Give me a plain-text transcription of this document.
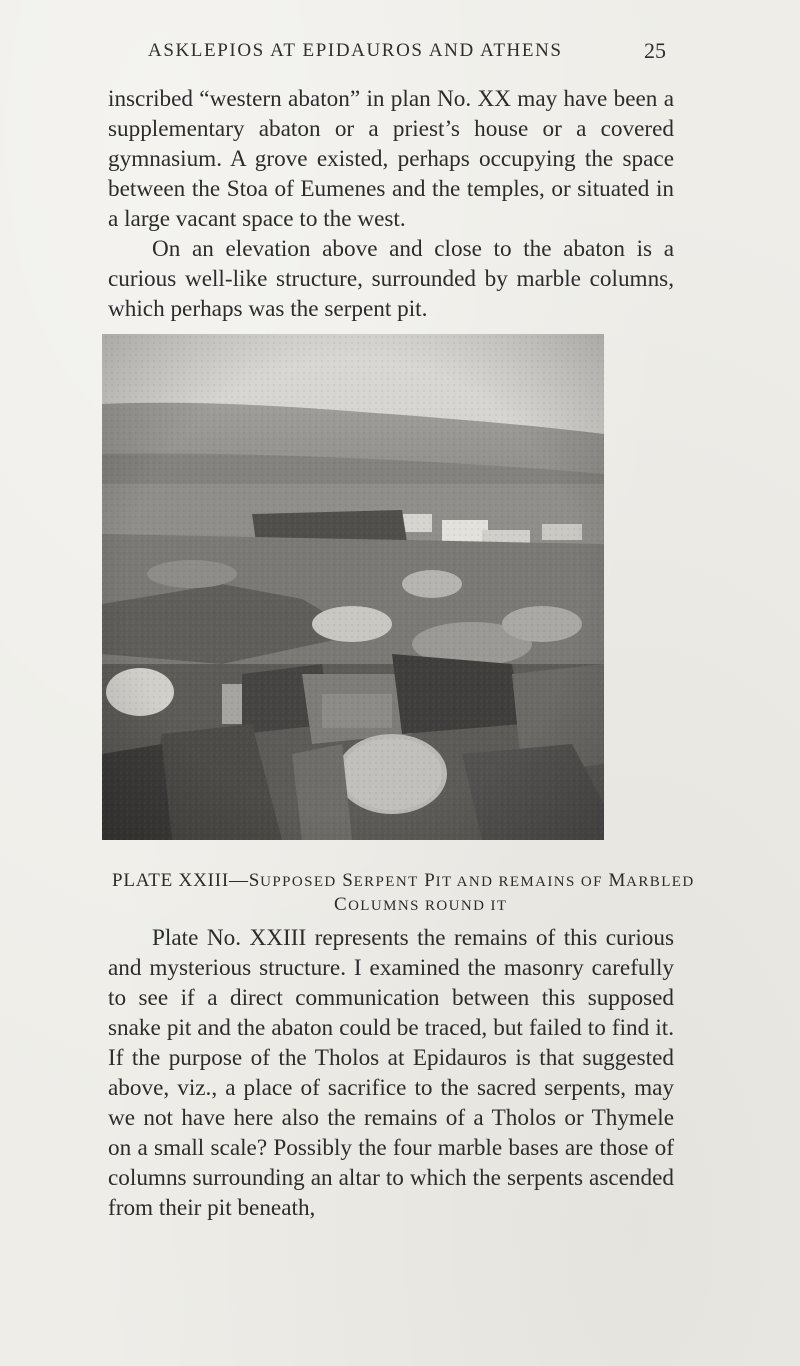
ASKLEPIOS AT EPIDAUROS AND ATHENS	25

inscribed “western abaton” in plan No. XX may have been a supplementary abaton or a priest’s house or a covered gymnasium. A grove existed, perhaps occupying the space between the Stoa of Eumenes and the temples, or situated in a large vacant space to the west.

On an elevation above and close to the abaton is a curious well-like structure, surrounded by marble columns, which perhaps was the serpent pit.

PLATE XXIII—SUPPOSED SERPENT PIT AND REMAINS OF MARBLED
COLUMNS ROUND IT

Plate No. XXIII represents the remains of this curious and mysterious structure. I examined the masonry carefully to see if a direct communication between this supposed snake pit and the abaton could be traced, but failed to find it. If the purpose of the Tholos at Epidauros is that suggested above, viz., a place of sacrifice to the sacred serpents, may we not have here also the remains of a Tholos or Thymele on a small scale? Possibly the four marble bases are those of columns surrounding an altar to which the serpents ascended from their pit beneath,
